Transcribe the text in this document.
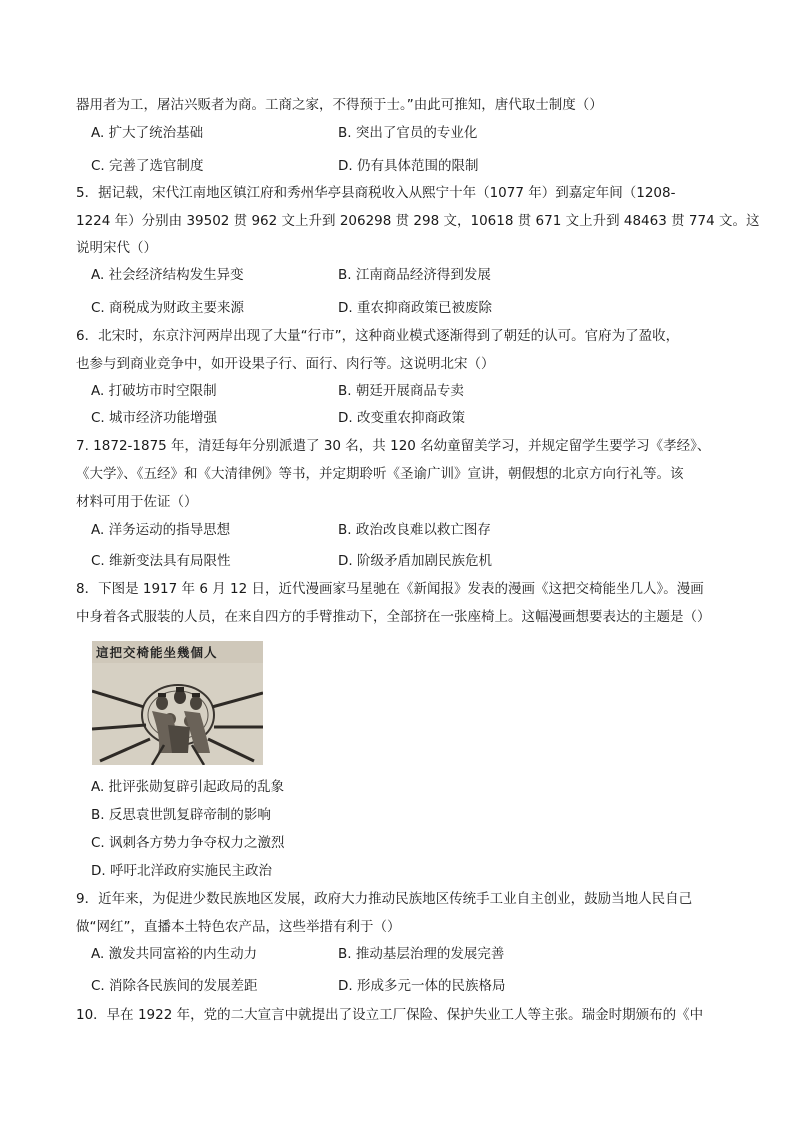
器用者为工，屠沽兴贩者为商。工商之家，不得预于士。”由此可推知，唐代取士制度（）
A. 扩大了统治基础	B. 突出了官员的专业化
C. 完善了选官制度	D. 仍有具体范围的限制
5．据记载，宋代江南地区镇江府和秀州华亭县商税收入从熙宁十年（1077 年）到嘉定年间（1208-
1224 年）分别由 39502 贯 962 文上升到 206298 贯 298 文，10618 贯 671 文上升到 48463 贯 774 文。这
说明宋代（）
A. 社会经济结构发生异变	B. 江南商品经济得到发展
C. 商税成为财政主要来源	D. 重农抑商政策已被废除
6．北宋时，东京汴河两岸出现了大量“行市”，这种商业模式逐渐得到了朝廷的认可。官府为了盈收，
也参与到商业竞争中，如开设果子行、面行、肉行等。这说明北宋（）
A. 打破坊市时空限制	B. 朝廷开展商品专卖
C. 城市经济功能增强	D. 改变重农抑商政策
7. 1872-1875 年，清廷每年分别派遣了 30 名，共 120 名幼童留美学习，并规定留学生要学习《孝经》、
《大学》、《五经》和《大清律例》等书，并定期聆听《圣谕广训》宣讲，朝假想的北京方向行礼等。该
材料可用于佐证（）
A. 洋务运动的指导思想	B. 政治改良难以救亡图存
C. 维新变法具有局限性	D. 阶级矛盾加剧民族危机
8．下图是 1917 年 6 月 12 日，近代漫画家马星驰在《新闻报》发表的漫画《这把交椅能坐几人》。漫画
中身着各式服装的人员，在来自四方的手臂推动下，全部挤在一张座椅上。这幅漫画想要表达的主题是（）
這把交椅能坐幾個人
A. 批评张勋复辟引起政局的乱象
B. 反思袁世凯复辟帝制的影响
C. 讽刺各方势力争夺权力之激烈
D. 呼吁北洋政府实施民主政治
9．近年来，为促进少数民族地区发展，政府大力推动民族地区传统手工业自主创业，鼓励当地人民自己
做“网红”，直播本土特色农产品，这些举措有利于（）
A. 激发共同富裕的内生动力	B. 推动基层治理的发展完善
C. 消除各民族间的发展差距	D. 形成多元一体的民族格局
10．早在 1922 年，党的二大宣言中就提出了设立工厂保险、保护失业工人等主张。瑞金时期颁布的《中
